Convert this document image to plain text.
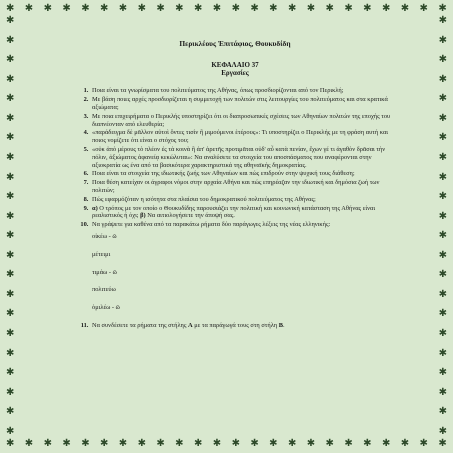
✱ ✱ ✱ ✱ ✱ ✱ ✱ ✱ ✱ ✱ ✱ ✱ ✱ ✱ ✱ ✱ ✱ ✱ ✱ ✱ ✱ ✱ ✱ ✱
✱ ✱ ✱ ✱ ✱ ✱ ✱ ✱ ✱ ✱ ✱ ✱ ✱ ✱ ✱ ✱ ✱ ✱ ✱ ✱ ✱ ✱ ✱ ✱
✱
✱
✱
✱
✱
✱
✱
✱
✱
✱
✱
✱
✱
✱
✱
✱
✱
✱
✱
✱
✱
✱
✱
✱
✱
✱
✱
✱
✱
✱
✱
✱
✱
✱
✱
✱
✱
✱
✱
✱
✱
✱
✱
✱
Περικλέους Ἐπιτάφιος, Θουκυδίδη
ΚΕΦΑΛΑΙΟ 37
Εργασίες
1. Ποια είναι τα γνωρίσματα του πολιτεύματος της Αθήνας, όπως προσδιορίζονται από τον Περικλή;
2. Με βάση ποιες αρχές προσδιορίζεται η συμμετοχή των πολιτών στις λειτουργίες του πολιτεύματος και στα κρατικά αξιώματα;
3. Με ποια επιχειρήματα ο Περικλής υποστηρίζει ότι οι διαπροσωπικές σχέσεις των Αθηναίων πολιτών της εποχής του διαπνέονταν από ελευθερία;
4. «παράδειγμα δὲ μᾶλλον αὐτοὶ ὄντες τισὶν ἢ μιμούμενοι ἑτέρους»: Τι υποστηρίζει ο Περικλής με τη φράση αυτή και ποιος νομίζετε ότι είναι ο στόχος του;
5. «οὐκ ἀπὸ μέρους τὸ πλέον ἐς τὰ κοινὰ ἢ ἀπ' ἀρετῆς προτιμᾶται οὐδ' αὖ κατὰ πενίαν, ἔχων γέ τι ἀγαθὸν δρᾶσαι τὴν πόλιν, ἀξιώματος ἀφανείᾳ κεκώλυται»: Να αναλύσετε τα στοιχεία του αποσπάσματος που αναφέρονται στην αξιοκρατία ως ένα από τα βασικότερα χαρακτηριστικά της αθηναϊκής δημοκρατίας.
6. Ποια είναι τα στοιχεία της ιδιωτικής ζωής των Αθηναίων και πώς επιδρούν στην ψυχική τους διάθεση;
7. Ποια θέση κατείχαν οι άγραφοι νόμοι στην αρχαία Αθήνα και πώς επηρέαζαν την ιδιωτική και δημόσια ζωή των πολιτών;
8. Πώς εφαρμόζόταν η ισότητα στα πλαίσια του δημοκρατικού πολιτεύματος της Αθήνας;
9. α) Ο τρόπος με τον οποίο ο Θουκυδίδης παρουσιάζει την πολιτική και κοινωνική κατάσταση της Αθήνας είναι ρεαλιστικός ή όχι; β) Να αιτιολογήσετε την άποψή σας.
10. Να γράψετε για καθένα από τα παρακάτω ρήματα δύο παράγωγες λέξεις της νέας ελληνικής:
οἰκέω - ῶ
μέτειμι
τιμάω - ῶ
πολιτεύω
ὁμιλέω - ῶ
11. Να συνδέσετε τα ρήματα της στήλης Α με τα παράγωγά τους στη στήλη Β.
